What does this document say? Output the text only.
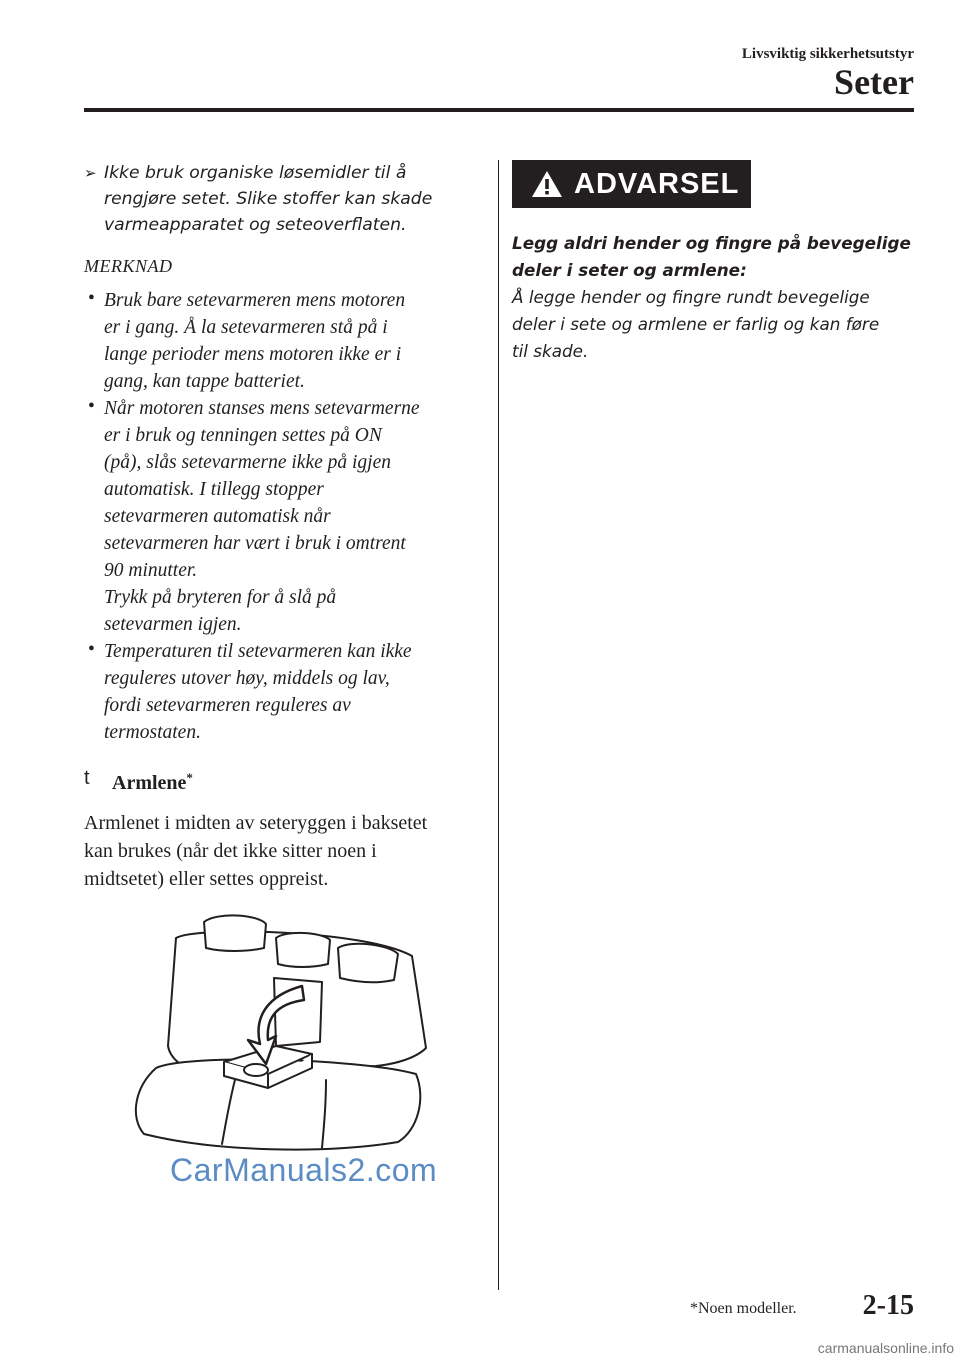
Livsviktig sikkerhetsutstyr
Seter
➢ Ikke bruk organiske løsemidler til å
rengjøre setet. Slike stoffer kan skade
varmeapparatet og seteoverflaten.
MERKNAD
• Bruk bare setevarmeren mens motoren
er i gang. Å la setevarmeren stå på i
lange perioder mens motoren ikke er i
gang, kan tappe batteriet.
• Når motoren stanses mens setevarmerne
er i bruk og tenningen settes på ON
(på), slås setevarmerne ikke på igjen
automatisk. I tillegg stopper
setevarmeren automatisk når
setevarmeren har vært i bruk i omtrent
90 minutter.
Trykk på bryteren for å slå på
setevarmen igjen.
• Temperaturen til setevarmeren kan ikke
reguleres utover høy, middels og lav,
fordi setevarmeren reguleres av
termostaten.
t	Armlene*
Armlenet i midten av seteryggen i baksetet
kan brukes (når det ikke sitter noen i
midtsetet) eller settes oppreist.
CarManuals2.com
ADVARSEL
Legg aldri hender og fingre på bevegelige
deler i seter og armlene:
Å legge hender og fingre rundt bevegelige
deler i sete og armlene er farlig og kan føre
til skade.
*Noen modeller. 2-15
carmanualsonline.info
